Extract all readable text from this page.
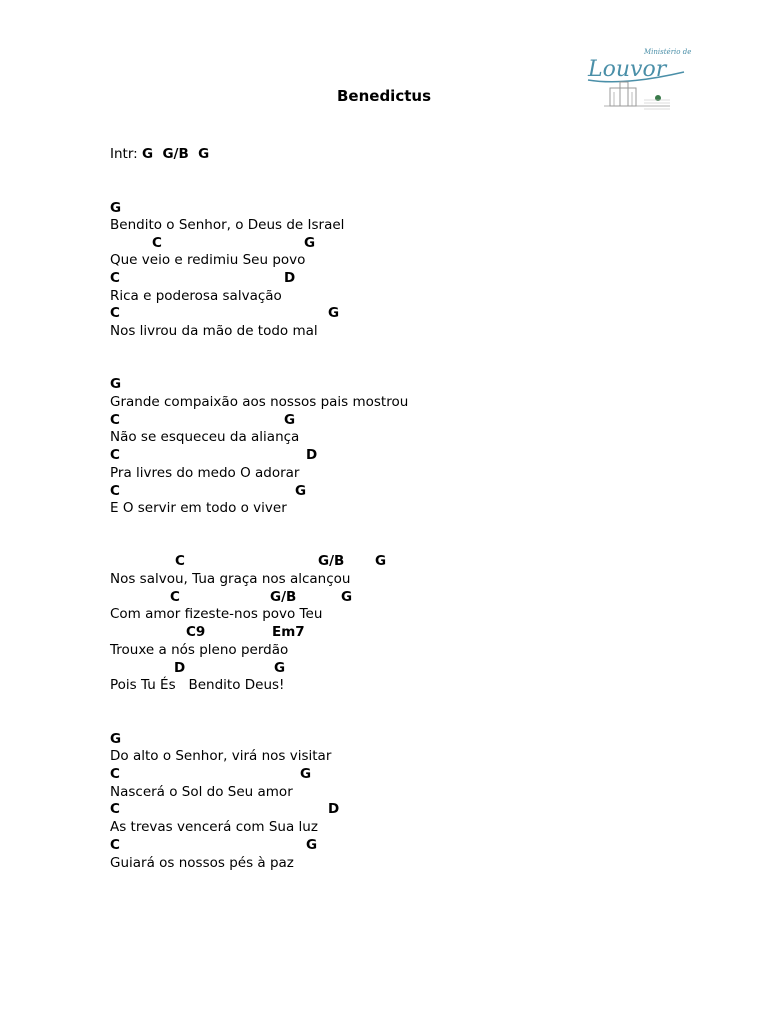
Ministério de
Louvor
Benedictus
Intr: G  G/B  G
G
Bendito o Senhor, o Deus de Israel
C	G
Que veio e redimiu Seu povo
C	D
Rica e poderosa salvação
C	G
Nos livrou da mão de todo mal
G
Grande compaixão aos nossos pais mostrou
C	G
Não se esqueceu da aliança
C	D
Pra livres do medo O adorar
C	G
E O servir em todo o viver
C	G/B G
Nos salvou, Tua graça nos alcançou
C	G/B	G
Com amor fizeste-nos povo Teu
C9	Em7
Trouxe a nós pleno perdão
D	G
Pois Tu És   Bendito Deus!
G
Do alto o Senhor, virá nos visitar
C	G
Nascerá o Sol do Seu amor
C	D
As trevas vencerá com Sua luz
C	G
Guiará os nossos pés à paz
